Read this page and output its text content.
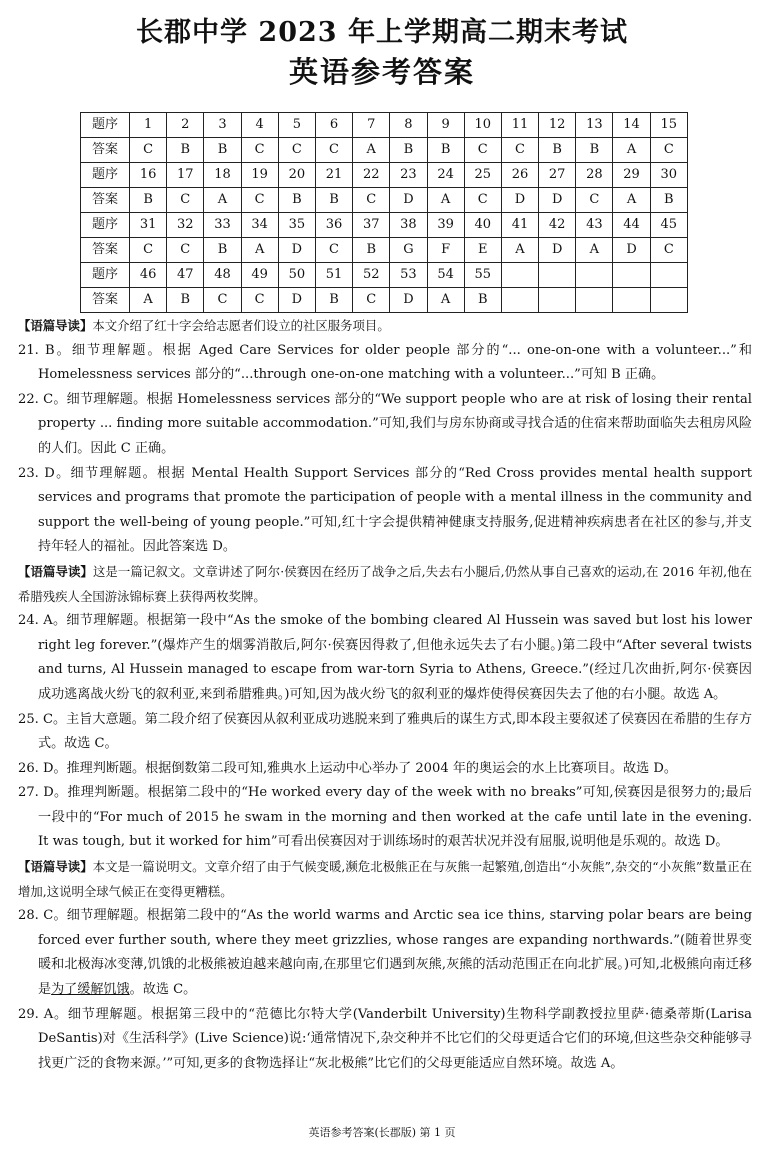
长郡中学 2023 年上学期高二期末考试
英语参考答案
题序	1	2	3	4	5	6	7	8	9	10	11	12	13	14	15
答案	C	B	B	C	C	C	A	B	B	C	C	B	B	A	C
题序	16	17	18	19	20	21	22	23	24	25	26	27	28	29	30
答案	B	C	A	C	B	B	C	D	A	C	D	D	C	A	B
题序	31	32	33	34	35	36	37	38	39	40	41	42	43	44	45
答案	C	C	B	A	D	C	B	G	F	E	A	D	A	D	C
题序	46	47	48	49	50	51	52	53	54	55					
答案	A	B	C	C	D	B	C	D	A	B					

【语篇导读】本文介绍了红十字会给志愿者们设立的社区服务项目。

21. B。细节理解题。根据 Aged Care Services for older people 部分的“... one-on-one with a volunteer...”和 Homelessness services 部分的“...through one-on-one matching with a volunteer...”可知 B 正确。

22. C。细节理解题。根据 Homelessness services 部分的“We support people who are at risk of losing their rental property ... finding more suitable accommodation.”可知,我们与房东协商或寻找合适的住宿来帮助面临失去租房风险的人们。因此 C 正确。

23. D。细节理解题。根据 Mental Health Support Services 部分的“Red Cross provides mental health support services and programs that promote the participation of people with a mental illness in the community and support the well-being of young people.”可知,红十字会提供精神健康支持服务,促进精神疾病患者在社区的参与,并支持年轻人的福祉。因此答案选 D。

【语篇导读】这是一篇记叙文。文章讲述了阿尔·侯赛因在经历了战争之后,失去右小腿后,仍然从事自己喜欢的运动,在 2016 年初,他在希腊残疾人全国游泳锦标赛上获得两枚奖牌。

24. A。细节理解题。根据第一段中“As the smoke of the bombing cleared Al Hussein was saved but lost his lower right leg forever.”(爆炸产生的烟雾消散后,阿尔·侯赛因得救了,但他永远失去了右小腿。)第二段中“After several twists and turns, Al Hussein managed to escape from war-torn Syria to Athens, Greece.”(经过几次曲折,阿尔·侯赛因成功逃离战火纷飞的叙利亚,来到希腊雅典。)可知,因为战火纷飞的叙利亚的爆炸使得侯赛因失去了他的右小腿。故选 A。

25. C。主旨大意题。第二段介绍了侯赛因从叙利亚成功逃脱来到了雅典后的谋生方式,即本段主要叙述了侯赛因在希腊的生存方式。故选 C。

26. D。推理判断题。根据倒数第二段可知,雅典水上运动中心举办了 2004 年的奥运会的水上比赛项目。故选 D。

27. D。推理判断题。根据第二段中的“He worked every day of the week with no breaks”可知,侯赛因是很努力的;最后一段中的“For much of 2015 he swam in the morning and then worked at the cafe until late in the evening. It was tough, but it worked for him”可看出侯赛因对于训练场时的艰苦状况并没有屈服,说明他是乐观的。故选 D。

【语篇导读】本文是一篇说明文。文章介绍了由于气候变暖,濒危北极熊正在与灰熊一起繁殖,创造出“小灰熊”,杂交的“小灰熊”数量正在增加,这说明全球气候正在变得更糟糕。

28. C。细节理解题。根据第二段中的“As the world warms and Arctic sea ice thins, starving polar bears are being forced ever further south, where they meet grizzlies, whose ranges are expanding northwards.”(随着世界变暖和北极海冰变薄,饥饿的北极熊被迫越来越向南,在那里它们遇到灰熊,灰熊的活动范围正在向北扩展。)可知,北极熊向南迁移是为了缓解饥饿。故选 C。

29. A。细节理解题。根据第三段中的“范德比尔特大学(Vanderbilt University)生物科学副教授拉里萨·德桑蒂斯(Larisa DeSantis)对《生活科学》(Live Science)说:‘通常情况下,杂交种并不比它们的父母更适合它们的环境,但这些杂交种能够寻找更广泛的食物来源。’”可知,更多的食物选择让“灰北极熊”比它们的父母更能适应自然环境。故选 A。

英语参考答案(长郡版) 第 1 页
